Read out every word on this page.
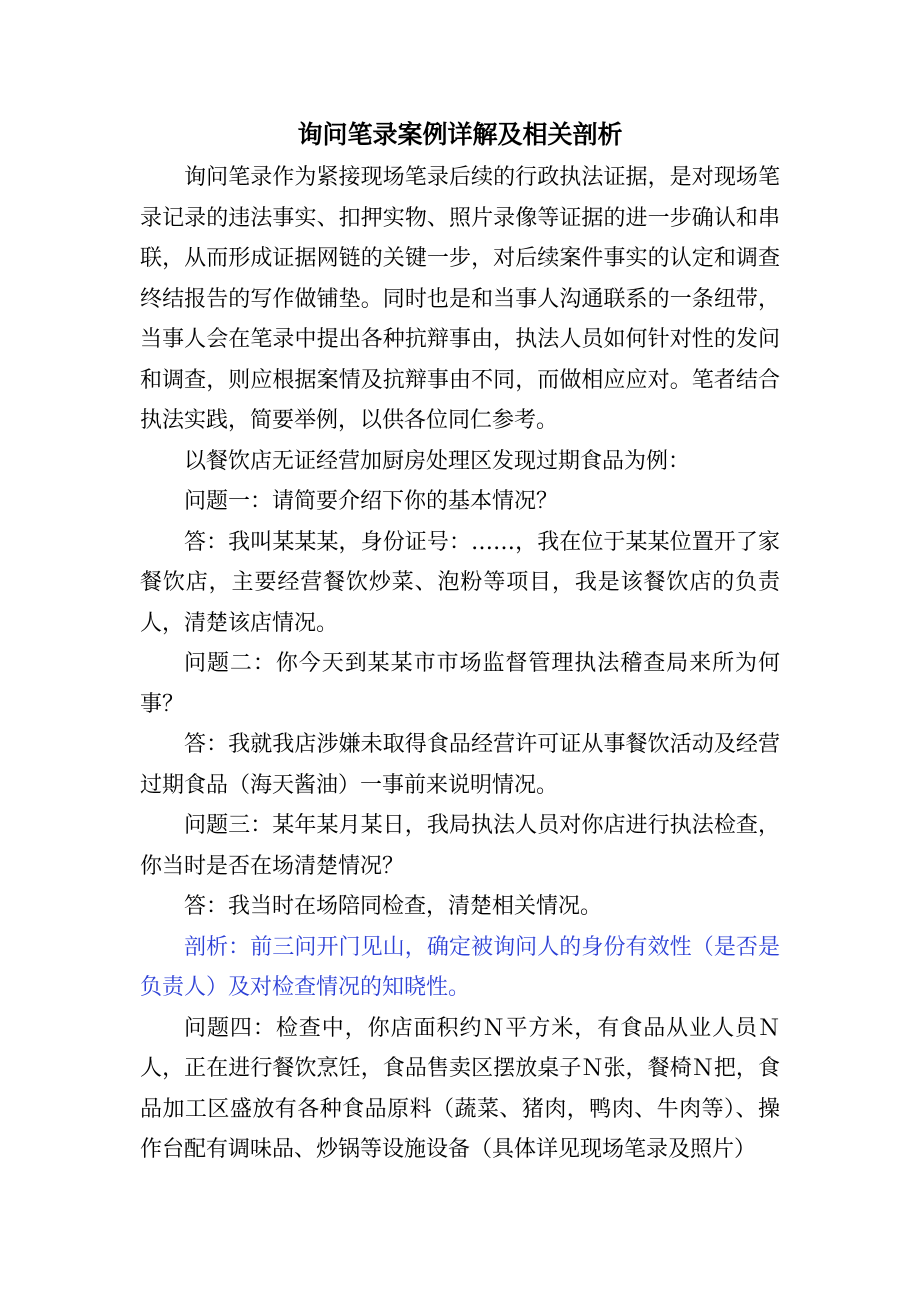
询问笔录案例详解及相关剖析

询问笔录作为紧接现场笔录后续的行政执法证据，是对现场笔录记录的违法事实、扣押实物、照片录像等证据的进一步确认和串联，从而形成证据网链的关键一步，对后续案件事实的认定和调查终结报告的写作做铺垫。同时也是和当事人沟通联系的一条纽带，当事人会在笔录中提出各种抗辩事由，执法人员如何针对性的发问和调查，则应根据案情及抗辩事由不同，而做相应应对。笔者结合执法实践，简要举例，以供各位同仁参考。

以餐饮店无证经营加厨房处理区发现过期食品为例：

问题一：请简要介绍下你的基本情况？

答：我叫某某某，身份证号：……，我在位于某某位置开了家餐饮店，主要经营餐饮炒菜、泡粉等项目，我是该餐饮店的负责人，清楚该店情况。

问题二：你今天到某某市市场监督管理执法稽查局来所为何事？

答：我就我店涉嫌未取得食品经营许可证从事餐饮活动及经营过期食品（海天酱油）一事前来说明情况。

问题三：某年某月某日，我局执法人员对你店进行执法检查，你当时是否在场清楚情况？

答：我当时在场陪同检查，清楚相关情况。

剖析：前三问开门见山，确定被询问人的身份有效性（是否是负责人）及对检查情况的知晓性。

问题四：检查中，你店面积约Ｎ平方米，有食品从业人员Ｎ人，正在进行餐饮烹饪，食品售卖区摆放桌子Ｎ张，餐椅Ｎ把，食品加工区盛放有各种食品原料（蔬菜、猪肉，鸭肉、牛肉等）、操作台配有调味品、炒锅等设施设备（具体详见现场笔录及照片）
